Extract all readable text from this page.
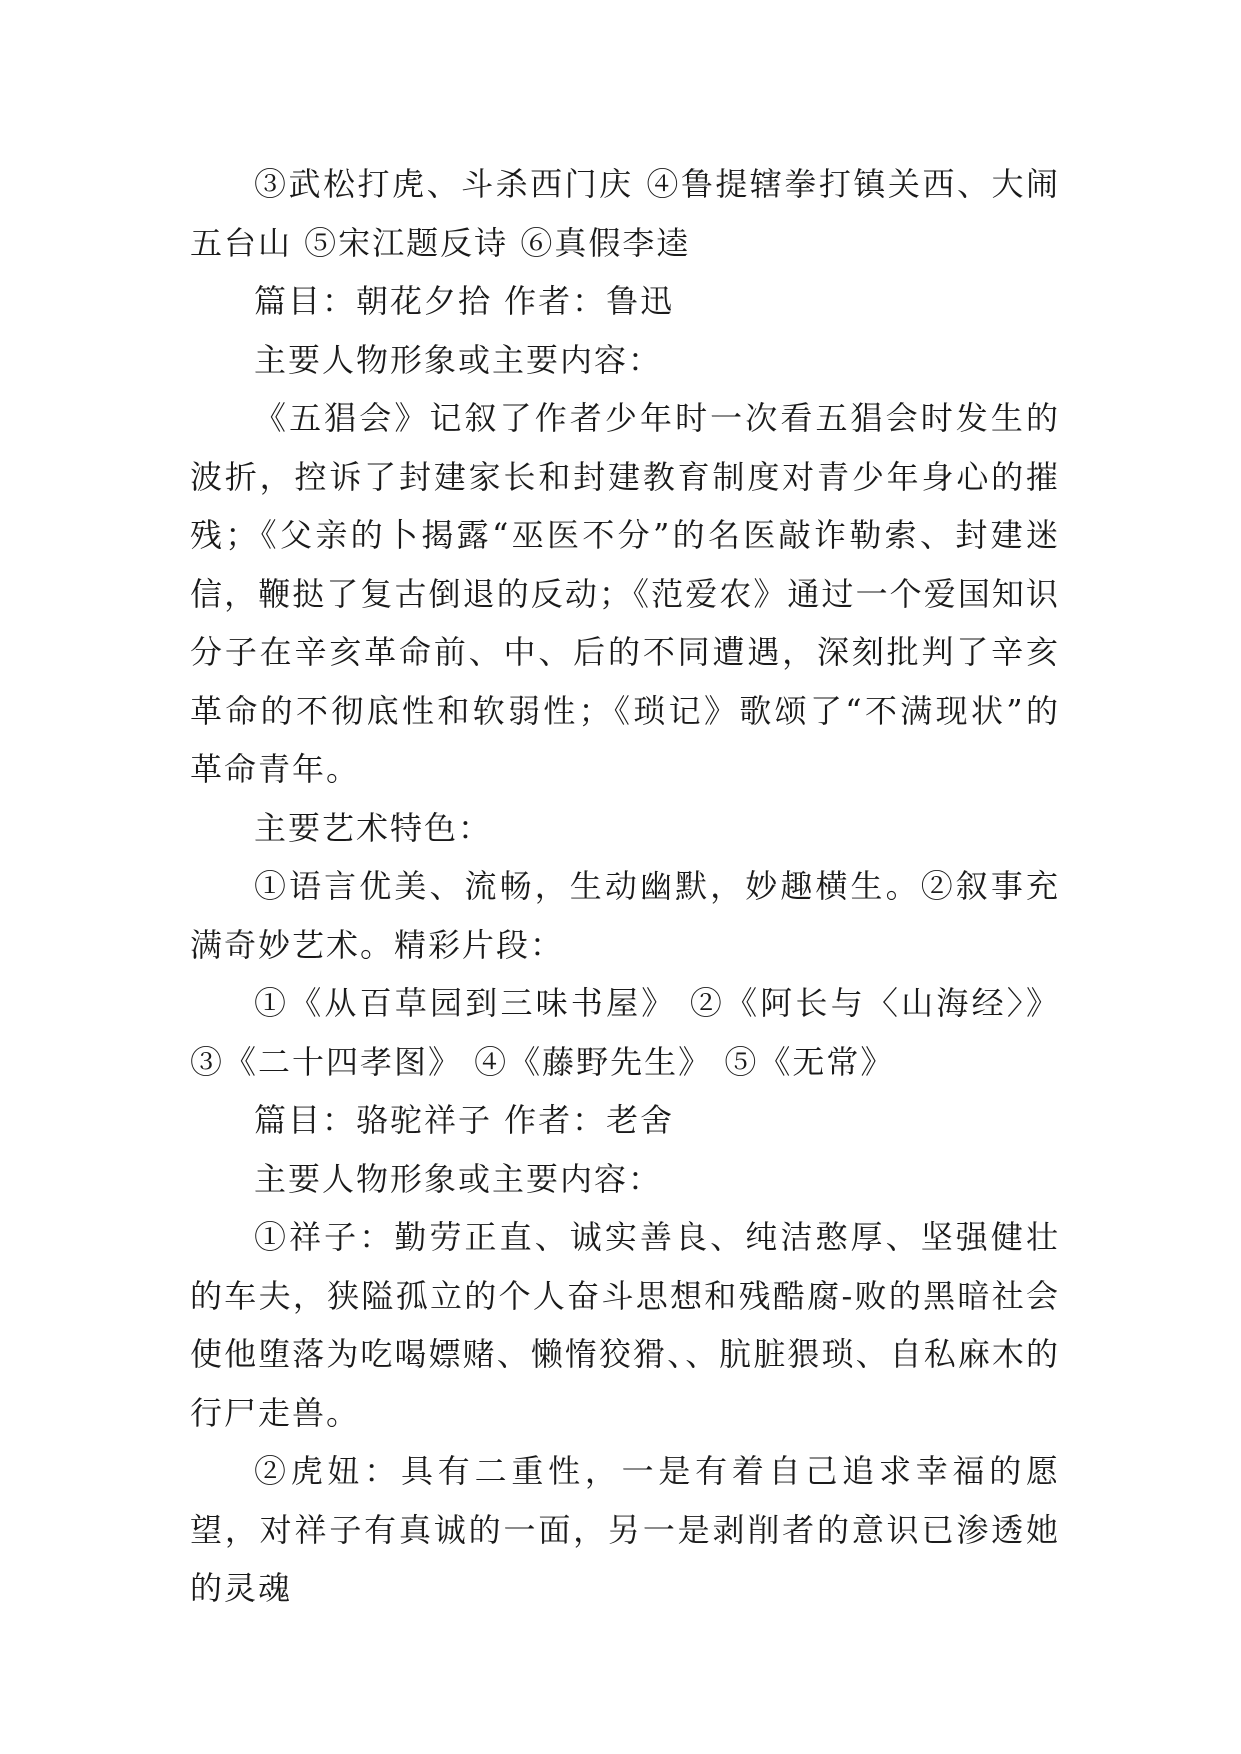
③武松打虎、斗杀西门庆 ④鲁提辖拳打镇关西、大闹五台山 ⑤宋江题反诗 ⑥真假李逵

篇目：朝花夕拾 作者：鲁迅

主要人物形象或主要内容：

《五猖会》记叙了作者少年时一次看五猖会时发生的波折，控诉了封建家长和封建教育制度对青少年身心的摧残；《父亲的卜揭露“巫医不分”的名医敲诈勒索、封建迷信，鞭挞了复古倒退的反动；《范爱农》通过一个爱国知识分子在辛亥革命前、中、后的不同遭遇，深刻批判了辛亥革命的不彻底性和软弱性；《琐记》歌颂了“不满现状”的革命青年。

主要艺术特色：

①语言优美、流畅，生动幽默，妙趣横生。②叙事充满奇妙艺术。精彩片段：

①《从百草园到三味书屋》 ②《阿长与〈山海经〉》③《二十四孝图》 ④《藤野先生》 ⑤《无常》

篇目：骆驼祥子 作者：老舍

主要人物形象或主要内容：

①祥子：勤劳正直、诚实善良、纯洁憨厚、坚强健壮的车夫，狭隘孤立的个人奋斗思想和残酷腐-败的黑暗社会使他堕落为吃喝嫖赌、懒惰狡猾、、肮脏猥琐、自私麻木的行尸走兽。

②虎妞：具有二重性，一是有着自己追求幸福的愿望，对祥子有真诚的一面，另一是剥削者的意识已渗透她的灵魂
